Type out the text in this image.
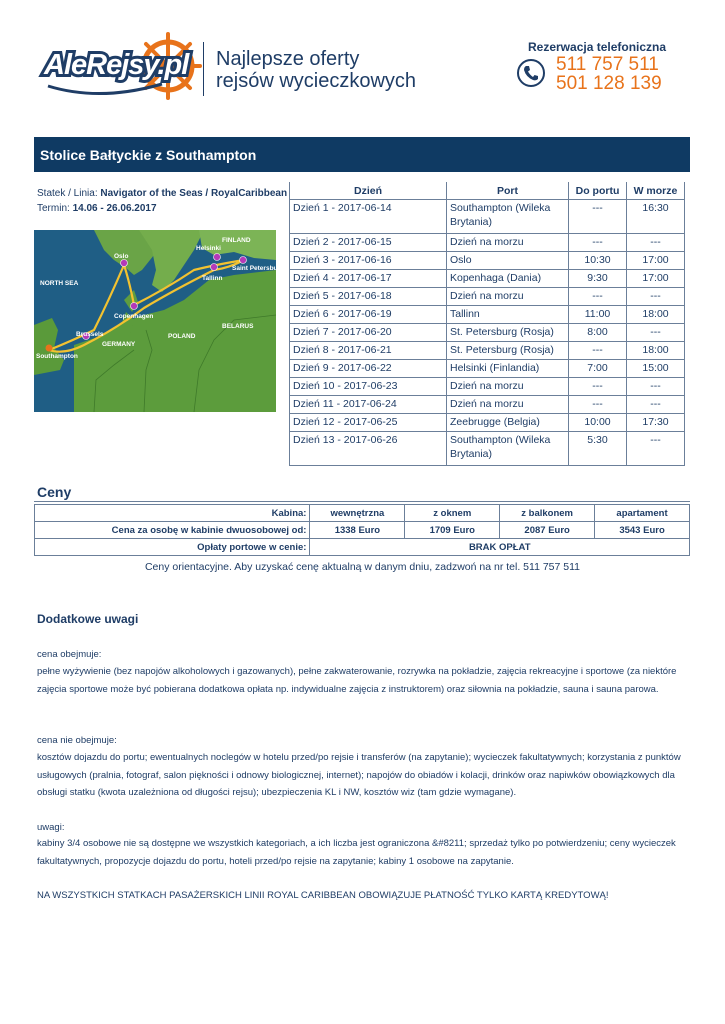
AleRejsy.pl Najlepsze oferty
rejsów wycieczkowych
Rezerwacja telefoniczna
511 757 511
501 128 139
Stolice Bałtyckie z Southampton
Statek / Linia: Navigator of the Seas / RoyalCaribbean
Termin: 14.06 - 26.06.2017
FINLAND
Helsinki
Oslo
NORTH SEA
Saint Petersburg
Tallinn
Copenhagen
BELARUS
POLAND
Brussels
GERMANY
Southampton
Dzień	Port	Do portu	W morze
Dzień 1 - 2017-06-14	Southampton (Wileka Brytania)	---	16:30
Dzień 2 - 2017-06-15	Dzień na morzu	---	---
Dzień 3 - 2017-06-16	Oslo	10:30	17:00
Dzień 4 - 2017-06-17	Kopenhaga (Dania)	9:30	17:00
Dzień 5 - 2017-06-18	Dzień na morzu	---	---
Dzień 6 - 2017-06-19	Tallinn	11:00	18:00
Dzień 7 - 2017-06-20	St. Petersburg (Rosja)	8:00	---
Dzień 8 - 2017-06-21	St. Petersburg (Rosja)	---	18:00
Dzień 9 - 2017-06-22	Helsinki (Finlandia)	7:00	15:00
Dzień 10 - 2017-06-23	Dzień na morzu	---	---
Dzień 11 - 2017-06-24	Dzień na morzu	---	---
Dzień 12 - 2017-06-25	Zeebrugge (Belgia)	10:00	17:30
Dzień 13 - 2017-06-26	Southampton (Wileka Brytania)	5:30	---
Ceny
Kabina:	wewnętrzna	z oknem	z balkonem	apartament
Cena za osobę w kabinie dwuosobowej od:	1338 Euro	1709 Euro	2087 Euro	3543 Euro
Opłaty portowe w cenie:	BRAK OPŁAT			
Ceny orientacyjne. Aby uzyskać cenę aktualną w danym dniu, zadzwoń na nr tel. 511 757 511
Dodatkowe uwagi
cena obejmuje:
pełne wyżywienie (bez napojów alkoholowych i gazowanych), pełne zakwaterowanie, rozrywka na pokładzie, zajęcia rekreacyjne i sportowe (za niektóre zajęcia sportowe może być pobierana dodatkowa opłata np. indywidualne zajęcia z instruktorem) oraz siłownia na pokładzie, sauna i sauna parowa.
cena nie obejmuje:
kosztów dojazdu do portu; ewentualnych noclegów w hotelu przed/po rejsie i transferów (na zapytanie); wycieczek fakultatywnych; korzystania z punktów usługowych (pralnia, fotograf, salon piękności i odnowy biologicznej, internet); napojów do obiadów i kolacji, drinków oraz napiwków obowiązkowych dla obsługi statku (kwota uzależniona od długości rejsu); ubezpieczenia KL i NW, kosztów wiz (tam gdzie wymagane).
uwagi:
kabiny 3/4 osobowe nie są dostępne we wszystkich kategoriach, a ich liczba jest ograniczona &#8211; sprzedaż tylko po potwierdzeniu; ceny wycieczek fakultatywnych, propozycje dojazdu do portu, hoteli przed/po rejsie na zapytanie; kabiny 1 osobowe na zapytanie.
NA WSZYSTKICH STATKACH PASAŻERSKICH LINII ROYAL CARIBBEAN OBOWIĄZUJE PŁATNOŚĆ TYLKO KARTĄ KREDYTOWĄ!
